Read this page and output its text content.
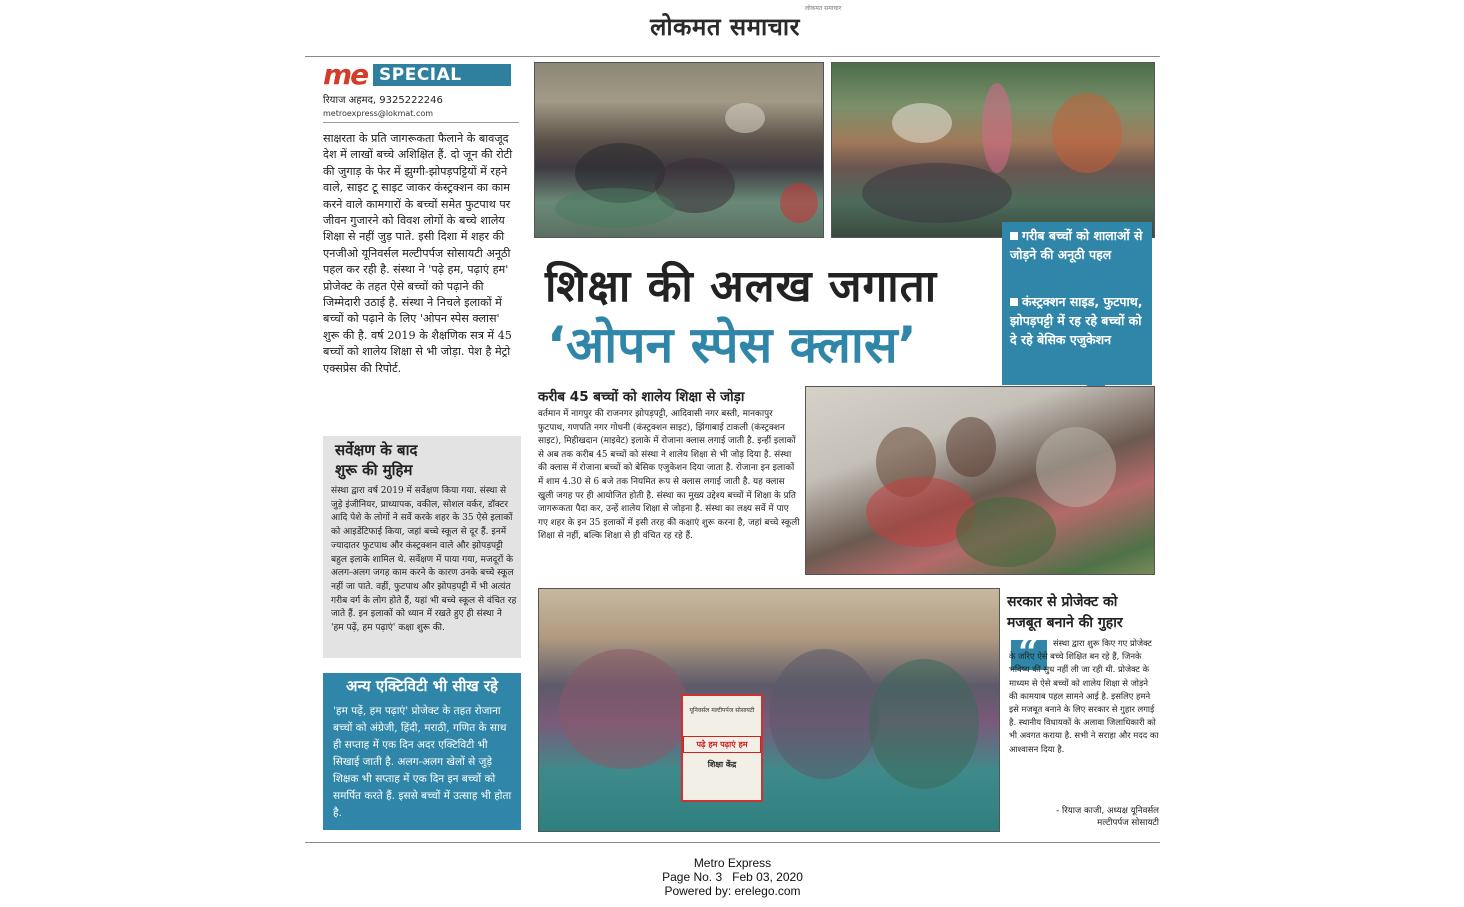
लोकमत समाचार
लोकमत समाचार
me SPECIAL
रियाज अहमद, 9325222246
metroexpress@lokmat.com
साक्षरता के प्रति जागरूकता फैलाने के बावजूद देश में लाखों बच्चे अशिक्षित हैं. दो जून की रोटी की जुगाड़ के फेर में झुग्गी-झोपड़पट्टियों में रहने वाले, साइट टू साइट जाकर कंस्ट्रक्शन का काम करने वाले कामगारों के बच्चों समेत फुटपाथ पर जीवन गुजारने को विवश लोगों के बच्चे शालेय शिक्षा से नहीं जुड़ पाते. इसी दिशा में शहर की एनजीओ यूनिवर्सल मल्टीपर्पज सोसायटी अनूठी पहल कर रही है. संस्था ने 'पढ़े हम, पढ़ाएं हम' प्रोजेक्ट के तहत ऐसे बच्चों को पढ़ाने की जिम्मेदारी उठाई है. संस्था ने निचले इलाकों में बच्चों को पढ़ाने के लिए 'ओपन स्पेस क्लास' शुरू की है. वर्ष 2019 के शैक्षणिक सत्र में 45 बच्चों को शालेय शिक्षा से भी जोड़ा. पेश है मेट्रो एक्सप्रेस की रिपोर्ट.
सर्वेक्षण के बाद
शुरू की मुहिम
संस्था द्वारा वर्ष 2019 में सर्वेक्षण किया गया. संस्था से जुड़े इंजीनियर, प्राध्यापक, वकील, सोशल वर्कर, डॉक्टर आदि पेशे के लोगों ने सर्वे करके शहर के 35 ऐसे इलाकों को आइडेंटिफाई किया, जहां बच्चे स्कूल से दूर हैं. इनमें ज्यादातर फुटपाथ और कंस्ट्रक्शन वाले और झोपड़पट्टी बहुल इलाके शामिल थे. सर्वेक्षण में पाया गया, मजदूरों के अलग-अलग जगह काम करने के कारण उनके बच्चे स्कूल नहीं जा पाते. वहीं, फुटपाथ और झोपड़पट्टी में भी अत्यंत गरीब वर्ग के लोग होते हैं, यहां भी बच्चे स्कूल से वंचित रह जाते हैं. इन इलाकों को ध्यान में रखते हुए ही संस्था ने 'हम पढ़ें, हम पढ़ाएं' कक्षा शुरू की.
अन्य एक्टिविटी भी सीख रहे
'हम पढ़ें, हम पढ़ाएं' प्रोजेक्ट के तहत रोजाना बच्चों को अंग्रेजी, हिंदी, मराठी, गणित के साथ ही सप्ताह में एक दिन अदर एक्टिविटी भी सिखाई जाती है. अलग-अलग खेलों से जुड़े शिक्षक भी सप्ताह में एक दिन इन बच्चों को समर्पित करते हैं. इससे बच्चों में उत्साह भी होता है.
शिक्षा की अलख जगाता
‘ओपन स्पेस क्लास’
गरीब बच्चों को शालाओं से जोड़ने की अनूठी पहल
कंस्ट्रक्शन साइड, फुटपाथ, झोपड़पट्टी में रह रहे बच्चों को दे रहे बेसिक एजुकेशन
करीब 45 बच्चों को शालेय शिक्षा से जोड़ा
वर्तमान में नागपुर की राजनगर झोपड़पट्टी, आदिवासी नगर बस्ती, मानकापुर फुटपाथ, गणपति नगर गोधनी (कंस्ट्रक्शन साइट), झिंगाबाई टाकली (कंस्ट्रक्शन साइट), मिहीखदान (माइवेट) इलाके में रोजाना क्लास लगाई जाती है. इन्हीं इलाकों से अब तक करीब 45 बच्चों को संस्था ने शालेय शिक्षा से भी जोड़ दिया है. संस्था की क्लास में रोजाना बच्चों को बेसिक एजुकेशन दिया जाता है. रोजाना इन इलाकों में शाम 4.30 से 6 बजे तक नियमित रूप से क्लास लगाई जाती है. यह क्लास खुली जगह पर ही आयोजित होती है. संस्था का मुख्य उद्देश्य बच्चों में शिक्षा के प्रति जागरूकता पैदा कर, उन्हें शालेय शिक्षा से जोड़ना है. संस्था का लक्ष्य सर्वे में पाए गए शहर के इन 35 इलाकों में इसी तरह की कक्षाएं शुरू करना है, जहां बच्चे स्कूली शिक्षा से नहीं, बल्कि शिक्षा से ही वंचित रह रहे हैं.
यूनिवर्सल मल्टीपर्पज सोसायटी
पढ़े हम पढ़ाएं हम
शिक्षा केंद्र
सरकार से प्रोजेक्ट को मजबूत बनाने की गुहार
“	संस्था द्वारा शुरू किए गए प्रोजेक्ट के जरिए ऐसे बच्चे शिक्षित बन रहे हैं, जिनके भविष्य की सुध नहीं ली जा रही थी. प्रोजेक्ट के माध्यम से ऐसे बच्चों को शालेय शिक्षा से जोड़ने की कामयाब पहल सामने आई है. इसलिए हमने इसे मजबूत बनाने के लिए सरकार से गुहार लगाई है. स्थानीय विधायकों के अलावा जिलाधिकारी को भी अवगत कराया है. सभी ने सराहा और मदद का आश्वासन दिया है.
- रियाज काजी, अध्यक्ष यूनिवर्सल
मल्टीपर्पज सोसायटी
Metro Express
Page No. 3   Feb 03, 2020
Powered by: erelego.com
